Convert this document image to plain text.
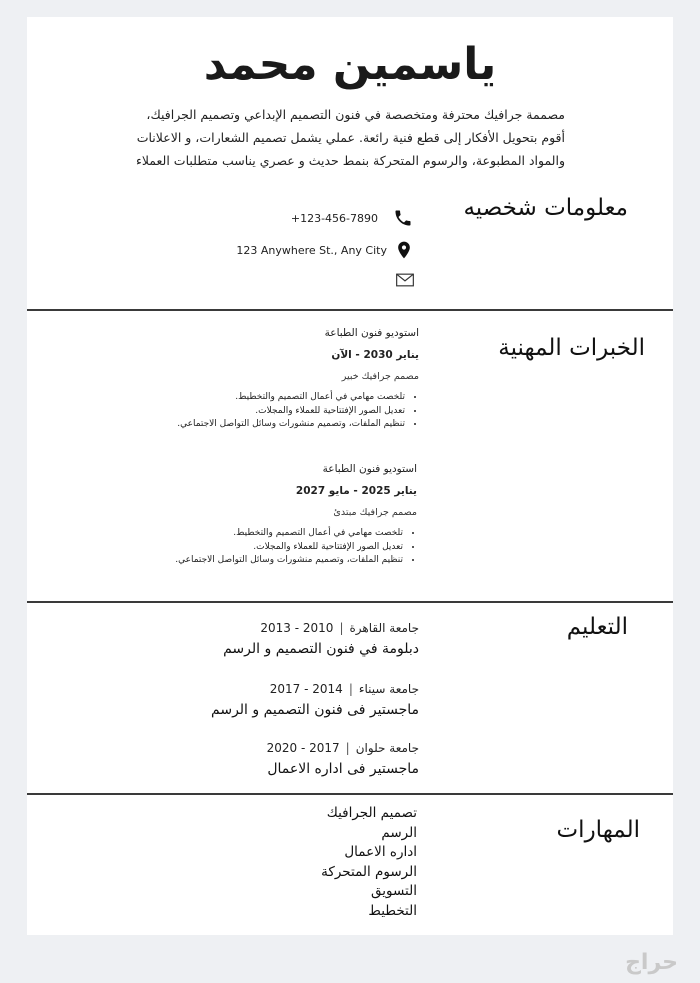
ياسمين محمد
مصممة جرافيك محترفة ومتخصصة في فنون التصميم الإبداعي وتصميم الجرافيك،
أقوم بتحويل الأفكار إلى قطع فنية رائعة. عملي يشمل تصميم الشعارات، و الاعلانات
والمواد المطبوعة، والرسوم المتحركة بنمط حديث و عصري يناسب متطلبات العملاء
معلومات شخصيه
+123-456-7890
123 Anywhere St., Any City
الخبرات المهنية
استوديو فنون الطباعة
يناير 2030 - الآن
مصمم جرافيك خبير
• تلخصت مهامي في أعمال التصميم والتخطيط.
• تعديل الصور الإفتتاحية للعملاء والمجلات.
• تنظيم الملفات، وتصميم منشورات وسائل التواصل الاجتماعي.
استوديو فنون الطباعة
يناير 2025 - مايو 2027
مصمم جرافيك مبتدئ
• تلخصت مهامي في أعمال التصميم والتخطيط.
• تعديل الصور الإفتتاحية للعملاء والمجلات.
• تنظيم الملفات، وتصميم منشورات وسائل التواصل الاجتماعي.
التعليم
جامعة القاهرة|2010 - 2013
دبلومة في فنون التصميم و الرسم
جامعة سيناء|2014 - 2017
ماجستير فى فنون التصميم و الرسم
جامعة حلوان|2017 - 2020
ماجستير فى اداره الاعمال
المهارات
تصميم الجرافيك
الرسم
اداره الاعمال
الرسوم المتحركة
التسويق
التخطيط
حراج
